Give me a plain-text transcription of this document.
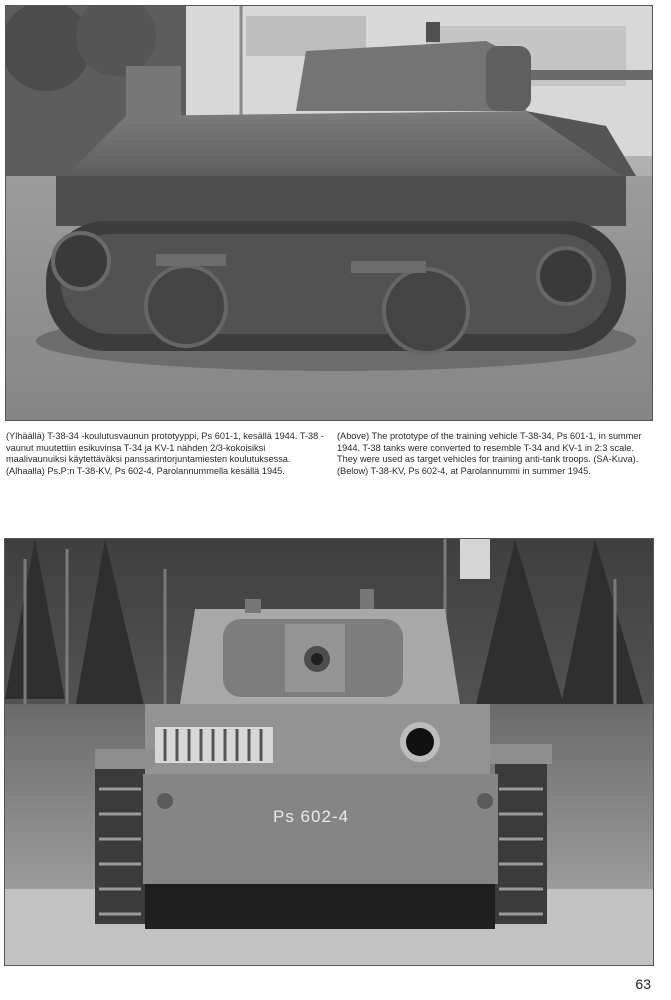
(Ylhäällä) T-38-34 -koulutusvaunun prototyyppi, Ps 601-1, kesällä 1944. T-38 -vaunut muutettiin esikuvinsa T-34 ja KV-1 nähden 2/3-kokoisiksi maalivaunuiksi käytettäväksi panssarintorjuntamiesten koulutuksessa. (Alhaalla) Ps.P:n T-38-KV, Ps 602-4, Parolannummella kesällä 1945.
(Above) The prototype of the training vehicle T-38-34, Ps 601-1, in summer 1944. T-38 tanks were converted to resemble T-34 and KV-1 in 2:3 scale. They were used as target vehicles for training anti-tank troops. (SA-Kuva). (Below) T-38-KV, Ps 602-4, at Parolannummi in summer 1945.
Ps 602-4
63
